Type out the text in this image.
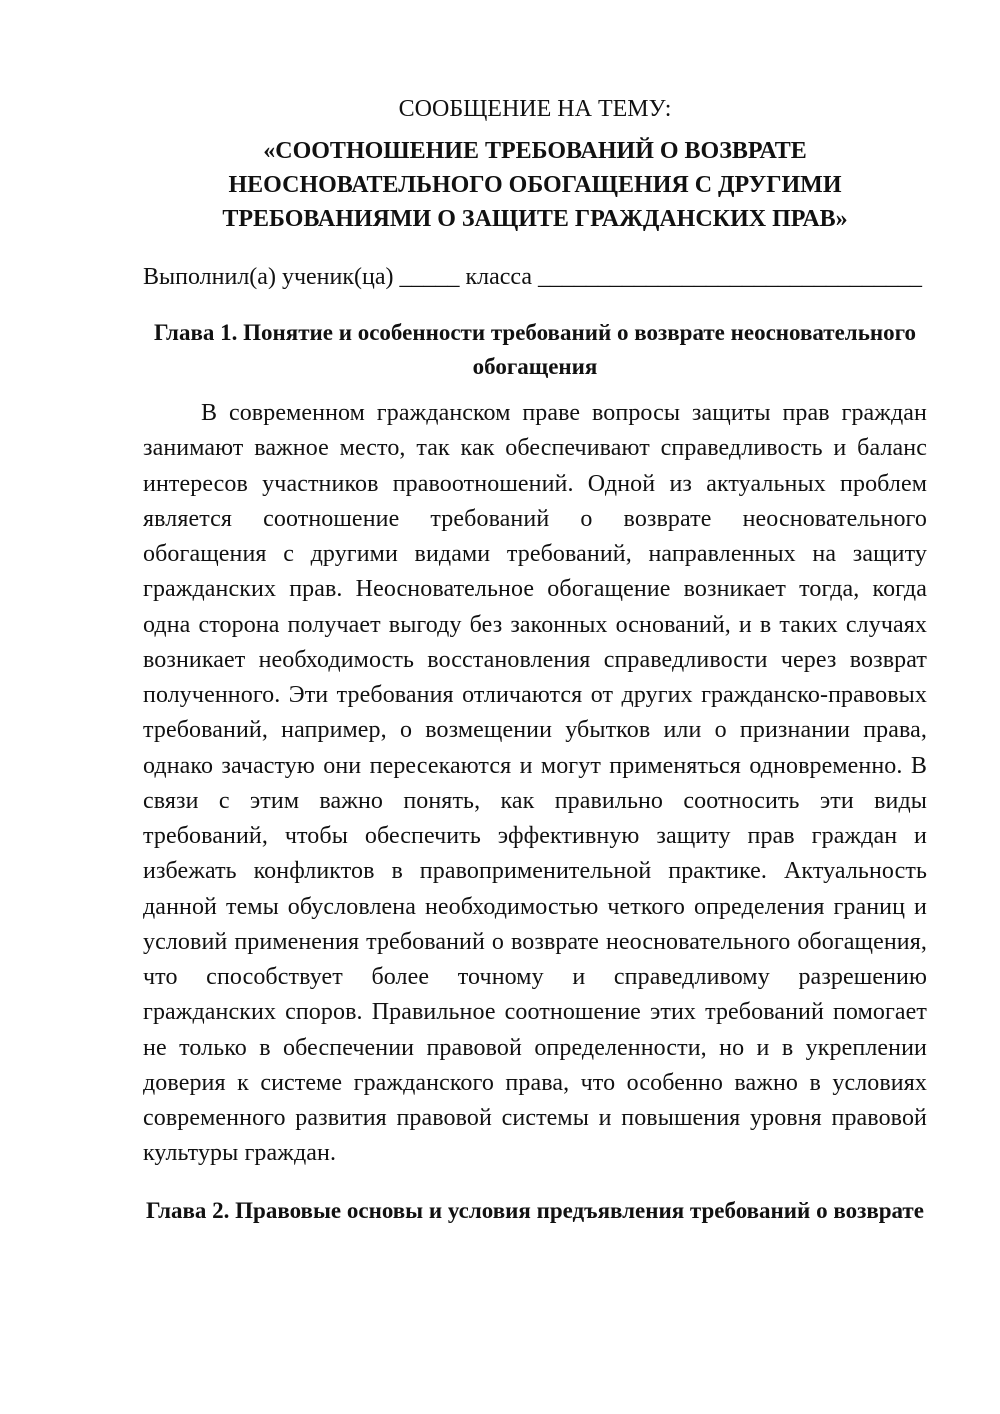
СООБЩЕНИЕ НА ТЕМУ:

«СООТНОШЕНИЕ ТРЕБОВАНИЙ О ВОЗВРАТЕ НЕОСНОВАТЕЛЬНОГО ОБОГАЩЕНИЯ С ДРУГИМИ ТРЕБОВАНИЯМИ О ЗАЩИТЕ ГРАЖДАНСКИХ ПРАВ»

Выполнил(а) ученик(ца) _____ класса ________________________________

Глава 1. Понятие и особенности требований о возврате неосновательного обогащения

В современном гражданском праве вопросы защиты прав граждан занимают важное место, так как обеспечивают справедливость и баланс интересов участников правоотношений. Одной из актуальных проблем является соотношение требований о возврате неосновательного обогащения с другими видами требований, направленных на защиту гражданских прав. Неосновательное обогащение возникает тогда, когда одна сторона получает выгоду без законных оснований, и в таких случаях возникает необходимость восстановления справедливости через возврат полученного. Эти требования отличаются от других гражданско-правовых требований, например, о возмещении убытков или о признании права, однако зачастую они пересекаются и могут применяться одновременно. В связи с этим важно понять, как правильно соотносить эти виды требований, чтобы обеспечить эффективную защиту прав граждан и избежать конфликтов в правоприменительной практике. Актуальность данной темы обусловлена необходимостью четкого определения границ и условий применения требований о возврате неосновательного обогащения, что способствует более точному и справедливому разрешению гражданских споров. Правильное соотношение этих требований помогает не только в обеспечении правовой определенности, но и в укреплении доверия к системе гражданского права, что особенно важно в условиях современного развития правовой системы и повышения уровня правовой культуры граждан.

Глава 2. Правовые основы и условия предъявления требований о возврате
